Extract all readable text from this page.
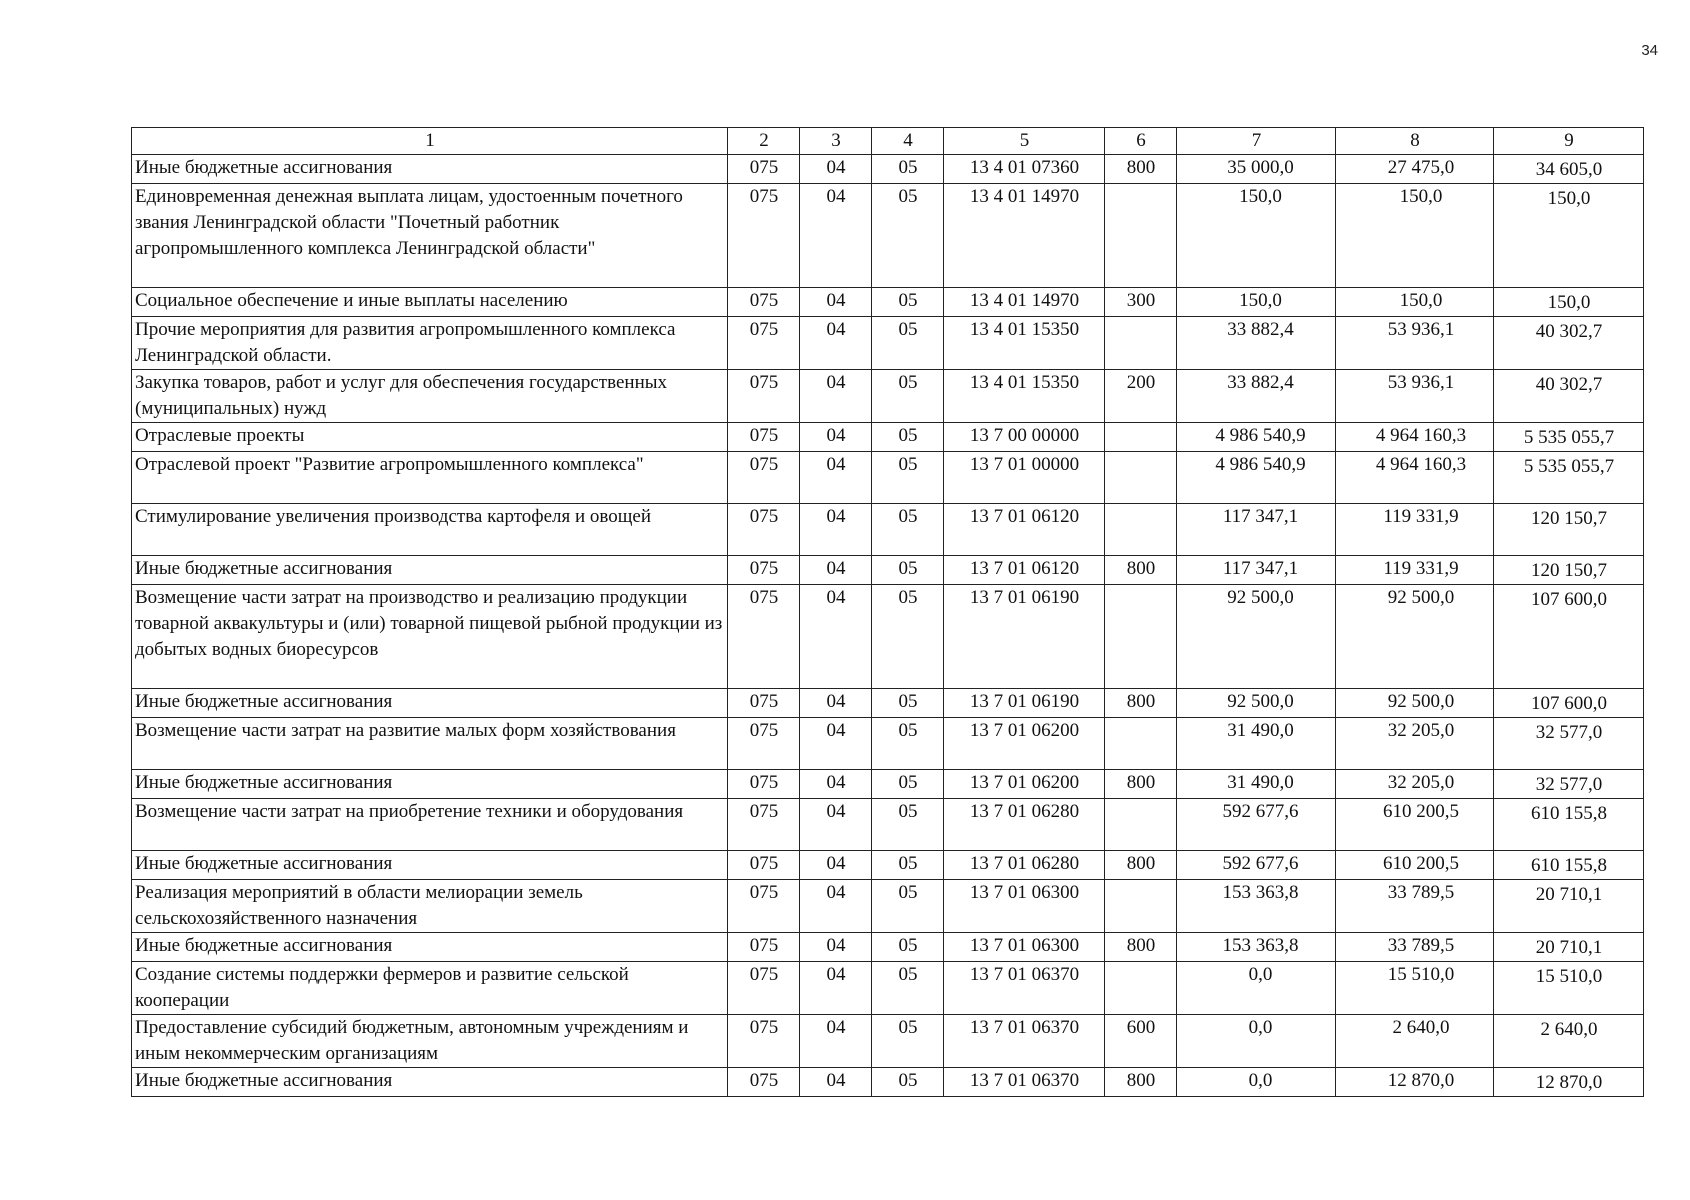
34
1	2	3	4	5	6	7	8	9
Иные бюджетные ассигнования	075	04	05	13 4 01 07360	800	35 000,0	27 475,0	34 605,0
Единовременная денежная выплата лицам, удостоенным почетного звания Ленинградской области "Почетный работник агропромышленного комплекса Ленинградской области"	075	04	05	13 4 01 14970		150,0	150,0	150,0
Социальное обеспечение и иные выплаты населению	075	04	05	13 4 01 14970	300	150,0	150,0	150,0
Прочие мероприятия для развития агропромышленного комплекса Ленинградской области.	075	04	05	13 4 01 15350		33 882,4	53 936,1	40 302,7
Закупка товаров, работ и услуг для обеспечения государственных (муниципальных) нужд	075	04	05	13 4 01 15350	200	33 882,4	53 936,1	40 302,7
Отраслевые проекты	075	04	05	13 7 00 00000		4 986 540,9	4 964 160,3	5 535 055,7
Отраслевой проект "Развитие агропромышленного комплекса"	075	04	05	13 7 01 00000		4 986 540,9	4 964 160,3	5 535 055,7
Стимулирование увеличения производства картофеля и овощей	075	04	05	13 7 01 06120		117 347,1	119 331,9	120 150,7
Иные бюджетные ассигнования	075	04	05	13 7 01 06120	800	117 347,1	119 331,9	120 150,7
Возмещение части затрат на производство и реализацию продукции товарной аквакультуры и (или) товарной пищевой рыбной продукции из добытых водных биоресурсов	075	04	05	13 7 01 06190		92 500,0	92 500,0	107 600,0
Иные бюджетные ассигнования	075	04	05	13 7 01 06190	800	92 500,0	92 500,0	107 600,0
Возмещение части затрат на развитие малых форм хозяйствования	075	04	05	13 7 01 06200		31 490,0	32 205,0	32 577,0
Иные бюджетные ассигнования	075	04	05	13 7 01 06200	800	31 490,0	32 205,0	32 577,0
Возмещение части затрат на приобретение техники и оборудования	075	04	05	13 7 01 06280		592 677,6	610 200,5	610 155,8
Иные бюджетные ассигнования	075	04	05	13 7 01 06280	800	592 677,6	610 200,5	610 155,8
Реализация мероприятий в области мелиорации земель сельскохозяйственного назначения	075	04	05	13 7 01 06300		153 363,8	33 789,5	20 710,1
Иные бюджетные ассигнования	075	04	05	13 7 01 06300	800	153 363,8	33 789,5	20 710,1
Создание системы поддержки фермеров и развитие сельской кооперации	075	04	05	13 7 01 06370		0,0	15 510,0	15 510,0
Предоставление субсидий бюджетным, автономным учреждениям и иным некоммерческим организациям	075	04	05	13 7 01 06370	600	0,0	2 640,0	2 640,0
Иные бюджетные ассигнования	075	04	05	13 7 01 06370	800	0,0	12 870,0	12 870,0
